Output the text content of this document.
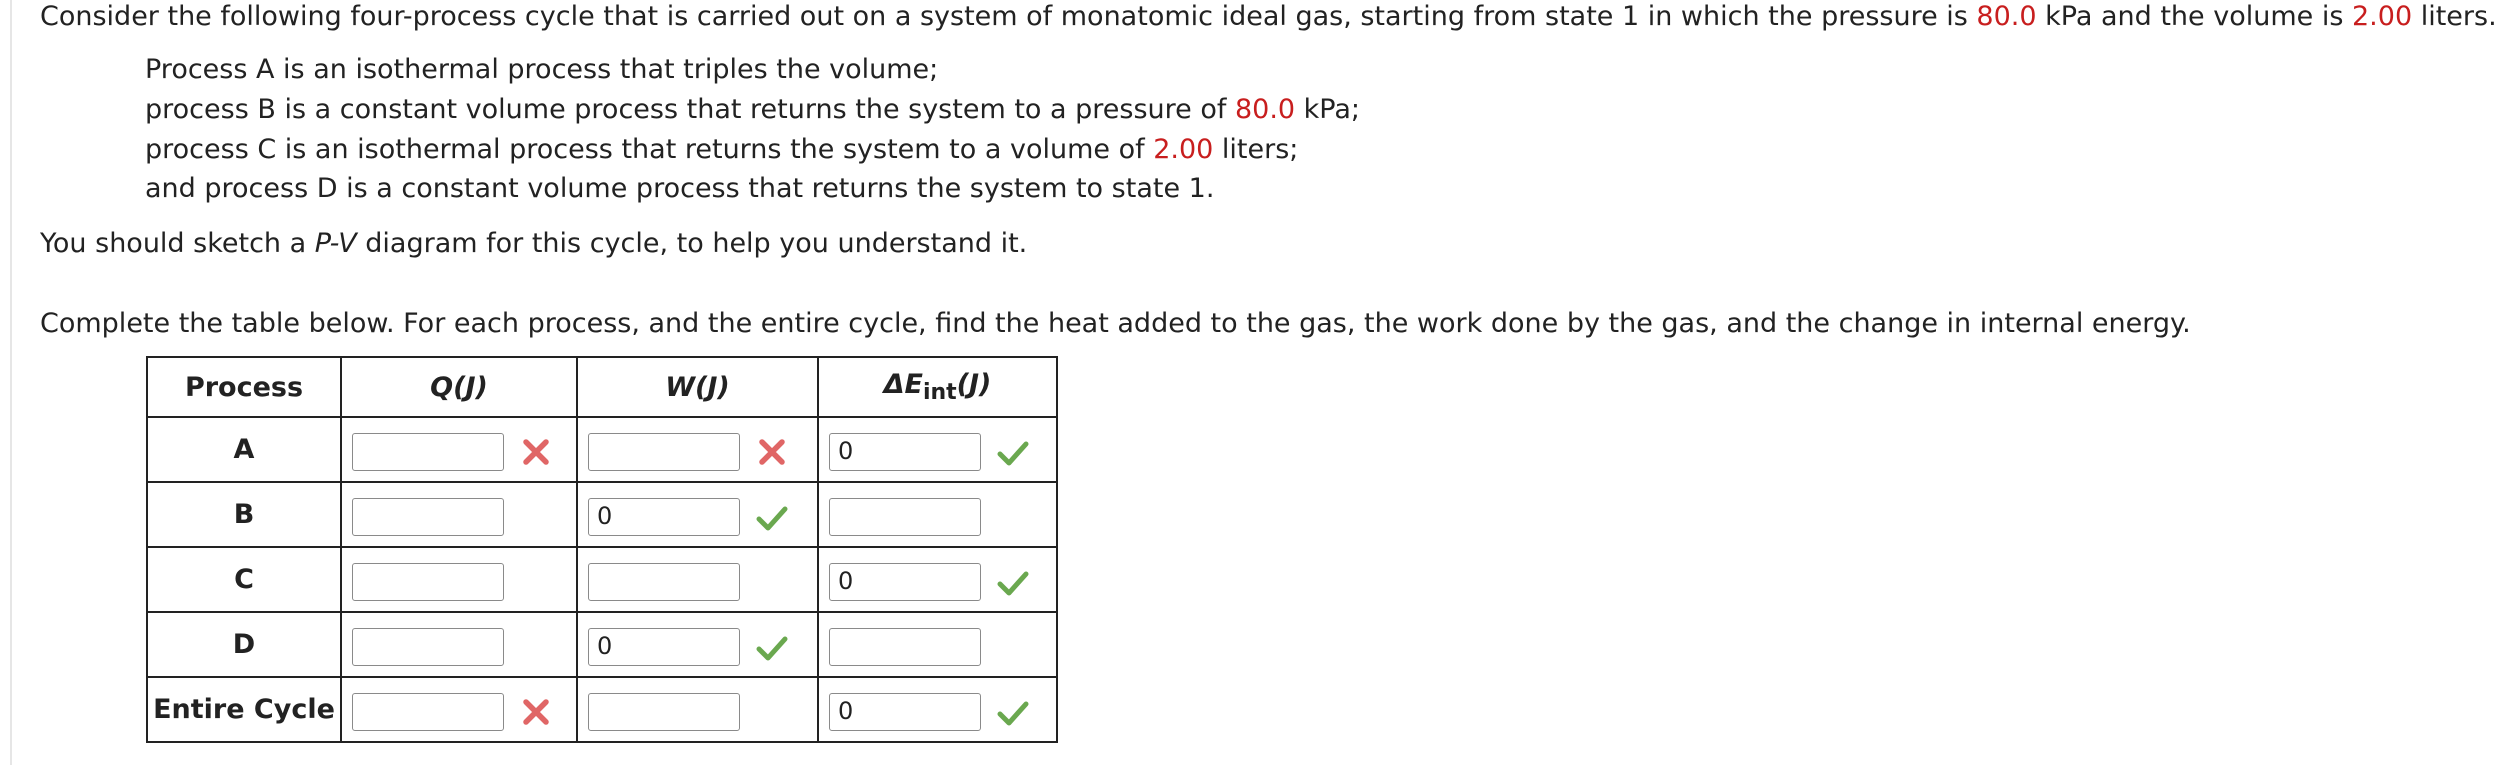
Consider the following four-process cycle that is carried out on a system of monatomic ideal gas, starting from state 1 in which the pressure is 80.0 kPa and the volume is 2.00 liters.
Process A is an isothermal process that triples the volume;
process B is a constant volume process that returns the system to a pressure of 80.0 kPa;
process C is an isothermal process that returns the system to a volume of 2.00 liters;
and process D is a constant volume process that returns the system to state 1.
You should sketch a P-V diagram for this cycle, to help you understand it.
Complete the table below. For each process, and the entire cycle, find the heat added to the gas, the work done by the gas, and the change in internal energy.
Process	Q(J)	W(J)	$\Delta E_{int}(J)$
A			0

B		0	

C			0

D		0	

Entire Cycle			0
